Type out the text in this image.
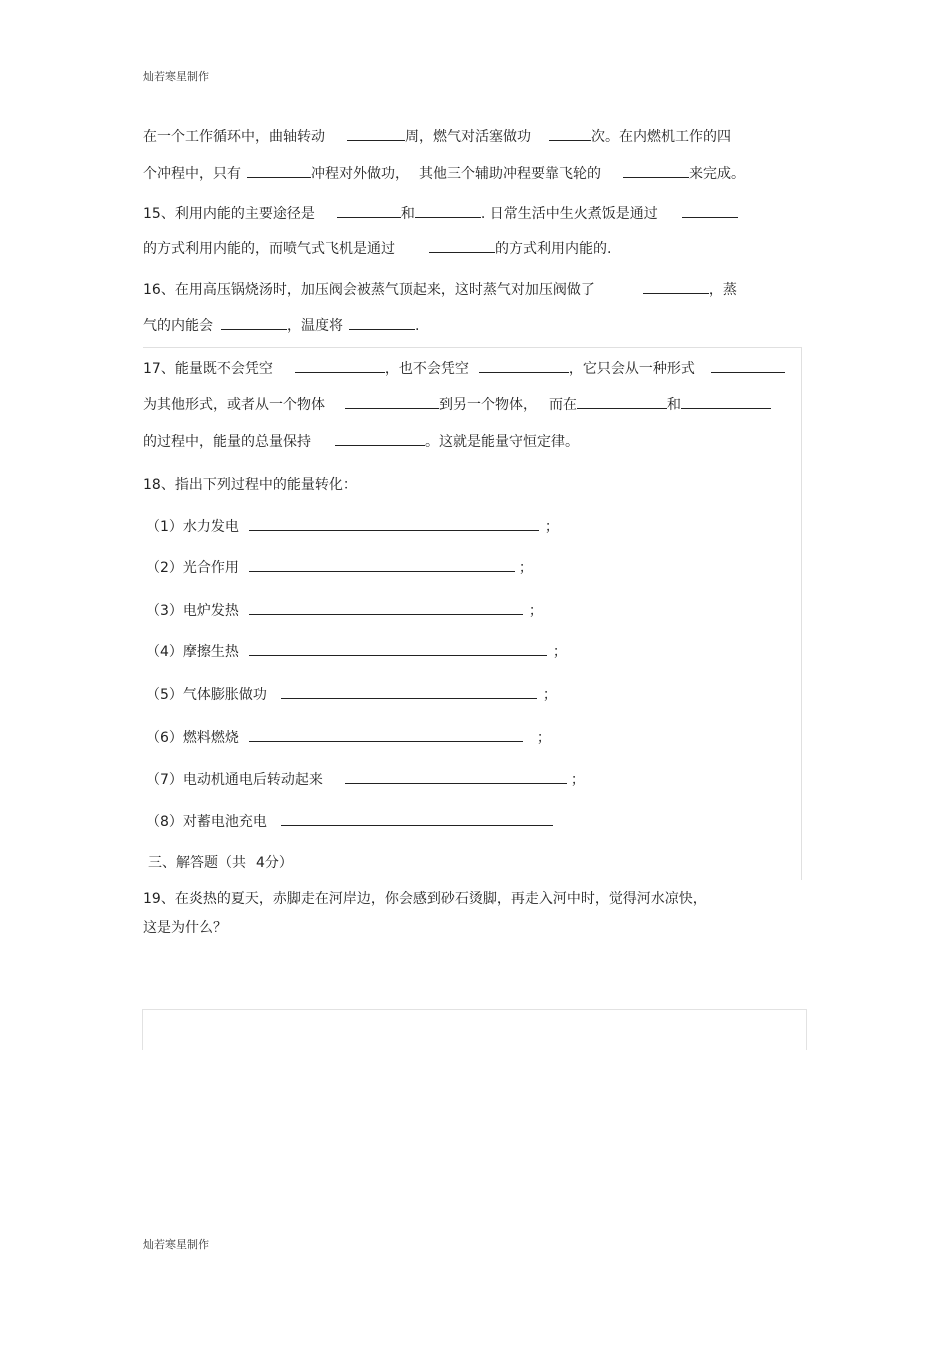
灿若寒星制作
在一个工作循环中，曲轴转动	周，燃气对活塞做功	次。在内燃机工作的四
个冲程中，只有	冲程对外做功， 其他三个辅助冲程要靠飞轮的	来完成。
15、利用内能的主要途径是	和	. 日常生活中生火煮饭是通过
的方式利用内能的，而喷气式飞机是通过	的方式利用内能的.
16、在用高压锅烧汤时，加压阀会被蒸气顶起来，这时蒸气对加压阀做了	，蒸
气的内能会	，温度将	.
17、能量既不会凭空	，也不会凭空	，它只会从一种形式
为其他形式，或者从一个物体	到另一个物体， 而在	和
的过程中，能量的总量保持	。这就是能量守恒定律。
18、指出下列过程中的能量转化：
（1）水力发电	；
（2）光合作用	；
（3）电炉发热	；
（4）摩擦生热	；
（5）气体膨胀做功	；
（6）燃料燃烧	；
（7）电动机通电后转动起来	；
（8）对蓄电池充电
三、解答题（共 4分）
19、在炎热的夏天，赤脚走在河岸边，你会感到砂石烫脚，再走入河中时，觉得河水凉快，
这是为什么？
灿若寒星制作
